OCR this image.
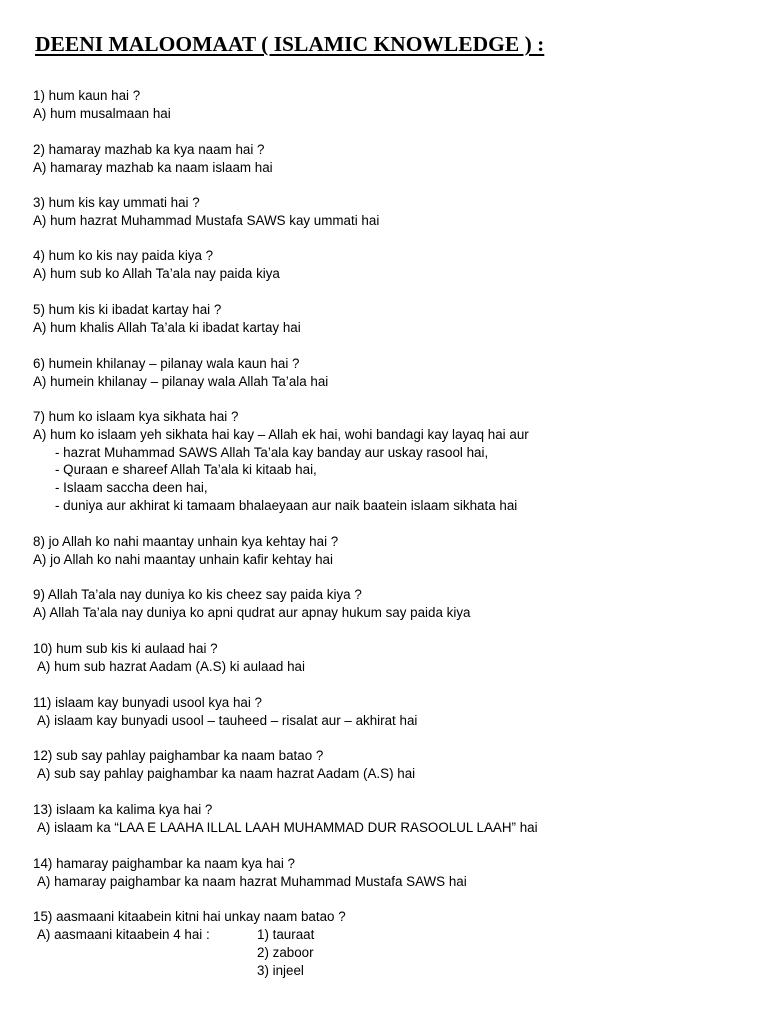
DEENI MALOOMAAT ( ISLAMIC KNOWLEDGE ) :
1) hum kaun hai ?
A) hum musalmaan hai
2) hamaray mazhab ka kya naam hai ?
A) hamaray mazhab ka naam islaam hai
3) hum kis kay ummati hai ?
A) hum hazrat Muhammad Mustafa SAWS kay ummati hai
4) hum ko kis nay paida kiya ?
A) hum sub ko Allah Ta’ala nay paida kiya
5) hum kis ki ibadat kartay hai ?
A) hum khalis Allah Ta’ala ki ibadat kartay hai
6) humein khilanay – pilanay wala kaun hai ?
A) humein khilanay – pilanay wala Allah Ta’ala hai
7) hum ko islaam kya sikhata hai ?
A) hum ko islaam yeh sikhata hai kay – Allah ek hai, wohi bandagi kay layaq hai aur
- hazrat Muhammad SAWS Allah Ta’ala kay banday aur uskay rasool hai,
- Quraan e shareef Allah Ta’ala ki kitaab hai,
- Islaam saccha deen hai,
- duniya aur akhirat ki tamaam bhalaeyaan aur naik baatein islaam sikhata hai
8) jo Allah ko nahi maantay unhain kya kehtay hai ?
A) jo Allah ko nahi maantay unhain kafir kehtay hai
9) Allah Ta’ala nay duniya ko kis cheez say paida kiya ?
A) Allah Ta’ala nay duniya ko apni qudrat aur apnay hukum say paida kiya
10) hum sub kis ki aulaad hai ?
A) hum sub hazrat Aadam (A.S) ki aulaad hai
11) islaam kay bunyadi usool kya hai ?
A) islaam kay bunyadi usool – tauheed – risalat aur – akhirat hai
12) sub say pahlay paighambar ka naam batao ?
A) sub say pahlay paighambar ka naam hazrat Aadam (A.S) hai
13) islaam ka kalima kya hai ?
A) islaam ka “LAA E LAAHA ILLAL LAAH MUHAMMAD DUR RASOOLUL LAAH” hai
14) hamaray paighambar ka naam kya hai ?
A) hamaray paighambar ka naam hazrat Muhammad Mustafa SAWS hai
15) aasmaani kitaabein kitni hai unkay naam batao ?
A) aasmaani kitaabein 4 hai :	1) tauraat
2) zaboor
3) injeel
